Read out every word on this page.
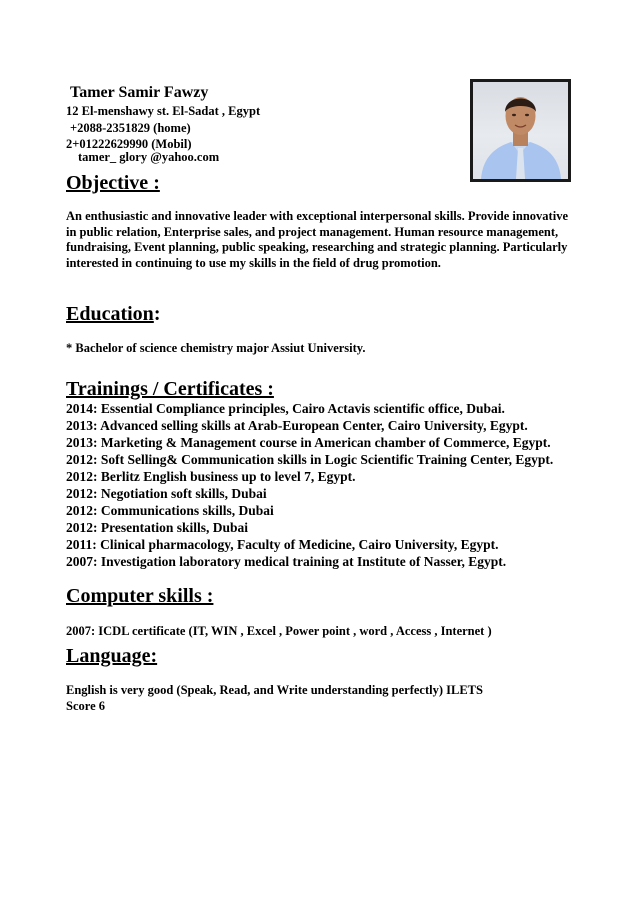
Tamer Samir Fawzy
12 El-menshawy st. El-Sadat , Egypt
+2088-2351829 (home)
2+01222629990 (Mobil)
tamer_ glory @yahoo.com
Objective :
An enthusiastic and innovative leader with exceptional interpersonal skills. Provide innovative in public relation, Enterprise sales, and project management. Human resource management, fundraising, Event planning, public speaking, researching and strategic planning. Particularly interested in continuing to use my skills in the field of drug promotion.
Education:
* Bachelor of science chemistry major Assiut University.
Trainings / Certificates :
2014: Essential Compliance principles, Cairo Actavis scientific office, Dubai.
2013: Advanced selling skills at Arab-European Center, Cairo University, Egypt.
2013: Marketing & Management course in American chamber of Commerce, Egypt.
2012: Soft Selling& Communication skills in Logic Scientific Training Center, Egypt.
2012: Berlitz English business up to level 7, Egypt.
2012: Negotiation soft skills, Dubai
2012: Communications skills, Dubai
2012: Presentation skills, Dubai
2011: Clinical pharmacology, Faculty of Medicine, Cairo University, Egypt.
2007: Investigation laboratory medical training at Institute of Nasser, Egypt.
Computer skills :
2007: ICDL certificate (IT, WIN , Excel , Power point , word , Access , Internet )
Language:
English is very good (Speak, Read, and Write understanding perfectly) ILETS
Score 6
